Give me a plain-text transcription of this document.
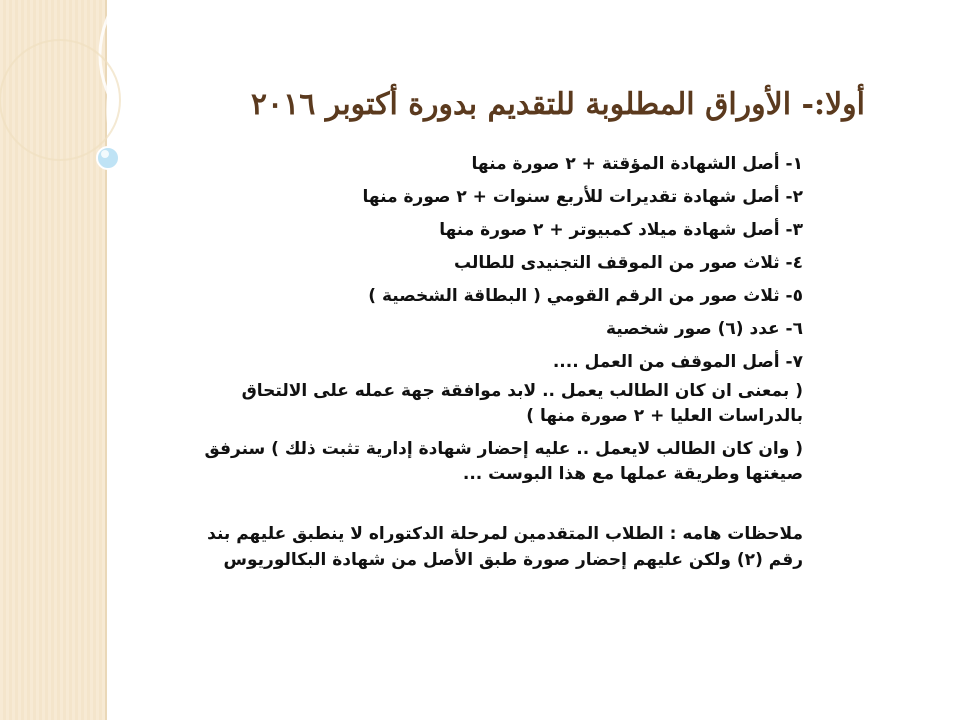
أولا:- الأوراق المطلوبة للتقديم بدورة أكتوبر ٢٠١٦
١- أصل الشهادة المؤقتة + ٢ صورة منها
٢- أصل شهادة تقديرات للأربع سنوات + ٢ صورة منها
٣- أصل شهادة ميلاد كمبيوتر + ٢ صورة منها
٤- ثلاث صور من الموقف التجنيدى للطالب
٥- ثلاث صور من الرقم القومي ( البطاقة الشخصية )
٦- عدد (٦) صور شخصية
٧- أصل الموقف من العمل ....
( بمعنى ان كان الطالب يعمل .. لابد موافقة جهة عمله على الالتحاق بالدراسات العليا + ٢ صورة منها )
( وان كان الطالب لايعمل .. عليه إحضار شهادة إدارية تثبت ذلك ) سنرفق صيغتها وطريقة عملها مع هذا البوست ...
ملاحظات هامه : الطلاب المتقدمين لمرحلة الدكتوراه لا ينطبق عليهم بند رقم (٢) ولكن عليهم إحضار صورة طبق الأصل من شهادة البكالوريوس
